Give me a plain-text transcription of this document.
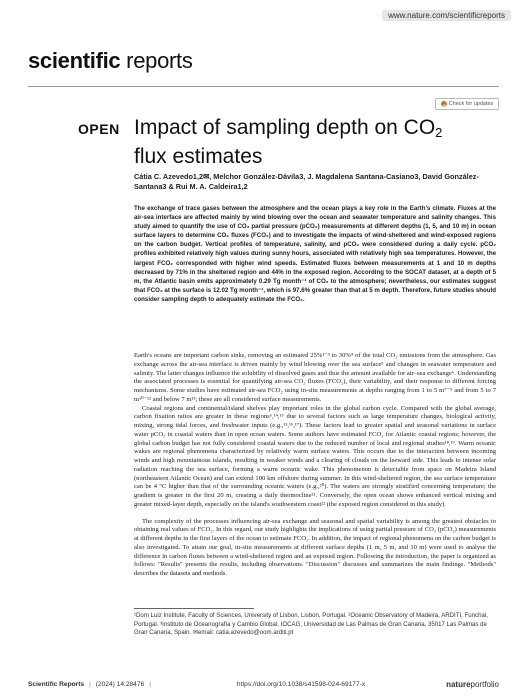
www.nature.com/scientificreports
scientific reports
Check for updates
OPEN Impact of sampling depth on $CO_2$
flux estimates
Cátia C. Azevedo1,2✉, Melchor González-Dávila3, J. Magdalena Santana-Casiano3, David González-Santana3 & Rui M. A. Caldeira1,2
The exchange of trace gases between the atmosphere and the ocean plays a key role in the Earth's climate. Fluxes at the air-sea interface are affected mainly by wind blowing over the ocean and seawater temperature and salinity changes. This study aimed to quantify the use of CO₂ partial pressure (pCO₂) measurements at different depths (1, 5, and 10 m) in ocean surface layers to determine CO₂ fluxes (FCO₂) and to investigate the impacts of wind-sheltered and wind-exposed regions on the carbon budget. Vertical profiles of temperature, salinity, and pCO₂ were considered during a daily cycle. pCO₂ profiles exhibited relatively high values during sunny hours, associated with relatively high sea temperatures. However, the largest FCO₂ corresponded with higher wind speeds. Estimated fluxes between measurements at 1 and 10 m depths decreased by 71% in the sheltered region and 44% in the exposed region. According to the SOCAT dataset, at a depth of 5 m, the Atlantic basin emits approximately 0.29 Tg month⁻¹ of CO₂ to the atmosphere; nevertheless, our estimates suggest that FCO₂ at the surface is 12.02 Tg month⁻¹, which is 97.6% greater than that at 5 m depth. Therefore, future studies should consider sampling depth to adequately estimate the FCO₂.

Earth's oceans are important carbon sinks, removing an estimated 25%¹⁻³ to 30%⁴ of the total CO₂ emissions from the atmosphere. Gas exchange across the air-sea interface is driven mainly by wind blowing over the sea surface⁵ and changes in seawater temperature and salinity. The latter changes influence the solubility of dissolved gases and thus the amount available for air–sea exchange⁶. Understanding the associated processes is essential for quantifying air-sea CO₂ fluxes (FCO₂), their variability, and their response to different forcing mechanisms. Some studies have estimated air-sea FCO₂ using in-situ measurements at depths ranging from 1 to 5 m⁷⁻⁹ and from 5 to 7 m¹⁰⁻¹² and below 7 m¹³; these are all considered surface measurements.

Coastal regions and continental/island shelves play important roles in the global carbon cycle. Compared with the global average, carbon fixation ratios are greater in these regions⁶,¹⁴,¹⁵ due to several factors such as large temperature changes, biological activity, mixing, strong tidal forces, and freshwater inputs (e.g.,¹³,¹⁶,¹⁷). These factors lead to greater spatial and seasonal variations in surface water pCO₂ in coastal waters than in open ocean waters. Some authors have estimated FCO₂ for Atlantic coastal regions; however, the global carbon budget has not fully considered coastal waters due to the reduced number of local and regional studies¹⁸,¹⁹. Warm oceanic wakes are regional phenomena characterized by relatively warm surface waters. This occurs due to the interaction between incoming winds and high mountainous islands, resulting in weaker winds and a clearing of clouds on the leeward side. This leads to intense solar radiation reaching the sea surface, forming a warm oceanic wake. This phenomenon is detectable from space on Madeira Island (northeastern Atlantic Ocean) and can extend 100 km offshore during summer. In this wind-sheltered region, the sea surface temperature can be 4 °C higher than that of the surrounding oceanic waters (e.g.,²⁰). The waters are strongly stratified concerning temperature; the gradient is greater in the first 20 m, creating a daily thermocline²¹. Conversely, the open ocean shows enhanced vertical mixing and greater mixed-layer depth, especially on the island's southwestern coast²² (the exposed region considered in this study).

The complexity of the processes influencing air-sea exchange and seasonal and spatial variability is among the greatest obstacles to obtaining real values of FCO₂. In this regard, our study highlights the implications of using partial pressure of CO₂ (pCO₂) measurements at different depths in the first layers of the ocean to estimate FCO₂. In addition, the impact of regional phenomena on the carbon budget is also investigated. To attain our goal, in-situ measurements at different surface depths (1 m, 5 m, and 10 m) were used to analyse the difference in carbon fluxes between a wind-sheltered region and an exposed region. Following the introduction, the paper is organized as follows: "Results" presents the results, including observations. "Discussion" discusses and summarizes the main findings. "Methods" describes the datasets and methods.

¹Dom Luiz Institute, Faculty of Sciences, University of Lisbon, Lisbon, Portugal. ²Oceanic Observatory of Madeira, ARDITI, Funchal, Portugal. ³Instituto de Oceanografía y Cambio Global, IOCAG, Universidad de Las Palmas de Gran Canaria, 35017 Las Palmas de Gran Canaria, Spain. ✉email: catia.azevedo@oom.arditi.pt
Scientific Reports | (2024) 14:28476 |	https://doi.org/10.1038/s41598-024-69177-x	natureportfolio
